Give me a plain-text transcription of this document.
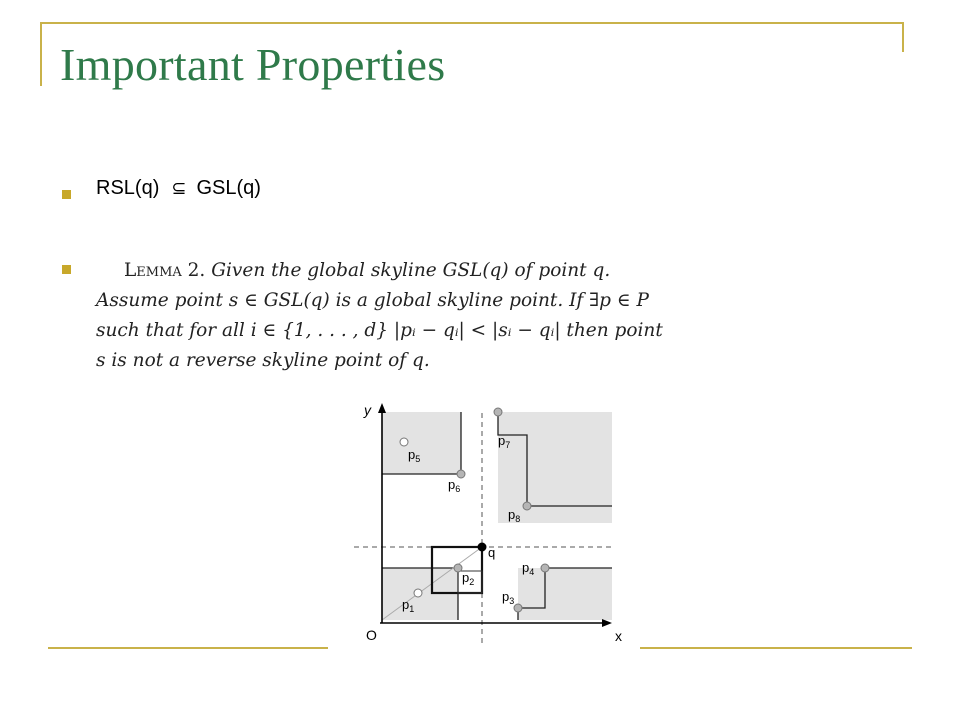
Important Properties
RSL(q) ⊆ GSL(q)
Lemma 2. Given the global skyline GSL(q) of point q.
Assume point s ∈ GSL(q) is a global skyline point. If ∃p ∈ P
such that for all i ∈ {1, . . . , d} |pᵢ − qᵢ| < |sᵢ − qᵢ| then point
s is not a reverse skyline point of q.
y
x
O
$p_5$
$p_6$
$p_7$
$p_8$
q
$p_2$
$p_4$
$p_3$
$p_1$
